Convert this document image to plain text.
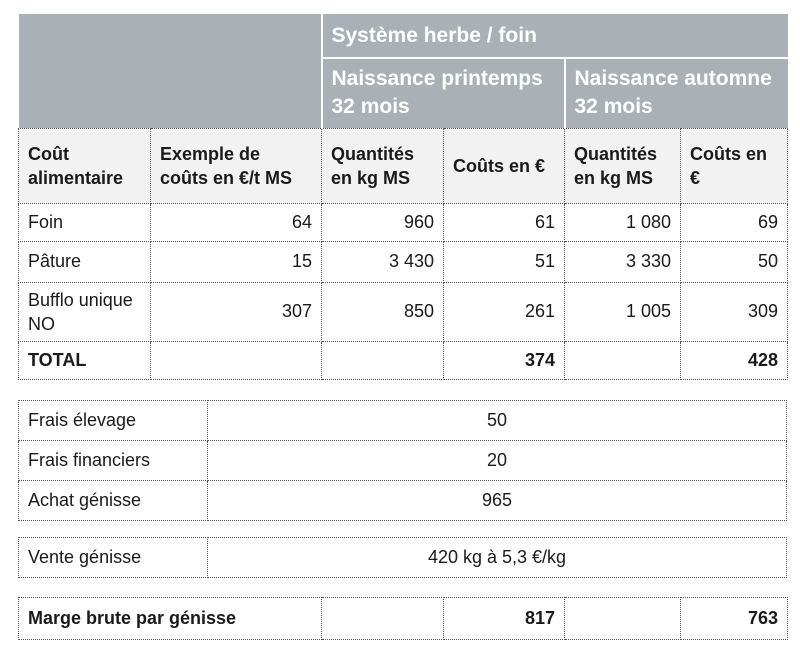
		Système herbe / foin			
		Naissance printemps 32 mois		Naissance automne 32 mois	
Coût alimentaire	Exemple de coûts en €/t MS	Quantités en kg MS	Coûts en €	Quantités en kg MS	Coûts en €
Foin	64	960	61	1 080	69
Pâture	15	3 430	51	3 330	50
Bufflo unique NO	307	850	261	1 005	309
TOTAL			374		428
Frais élevage	50
Frais financiers	20
Achat génisse	965
Vente génisse	420 kg à 5,3 €/kg
Marge brute par génisse		817		763
